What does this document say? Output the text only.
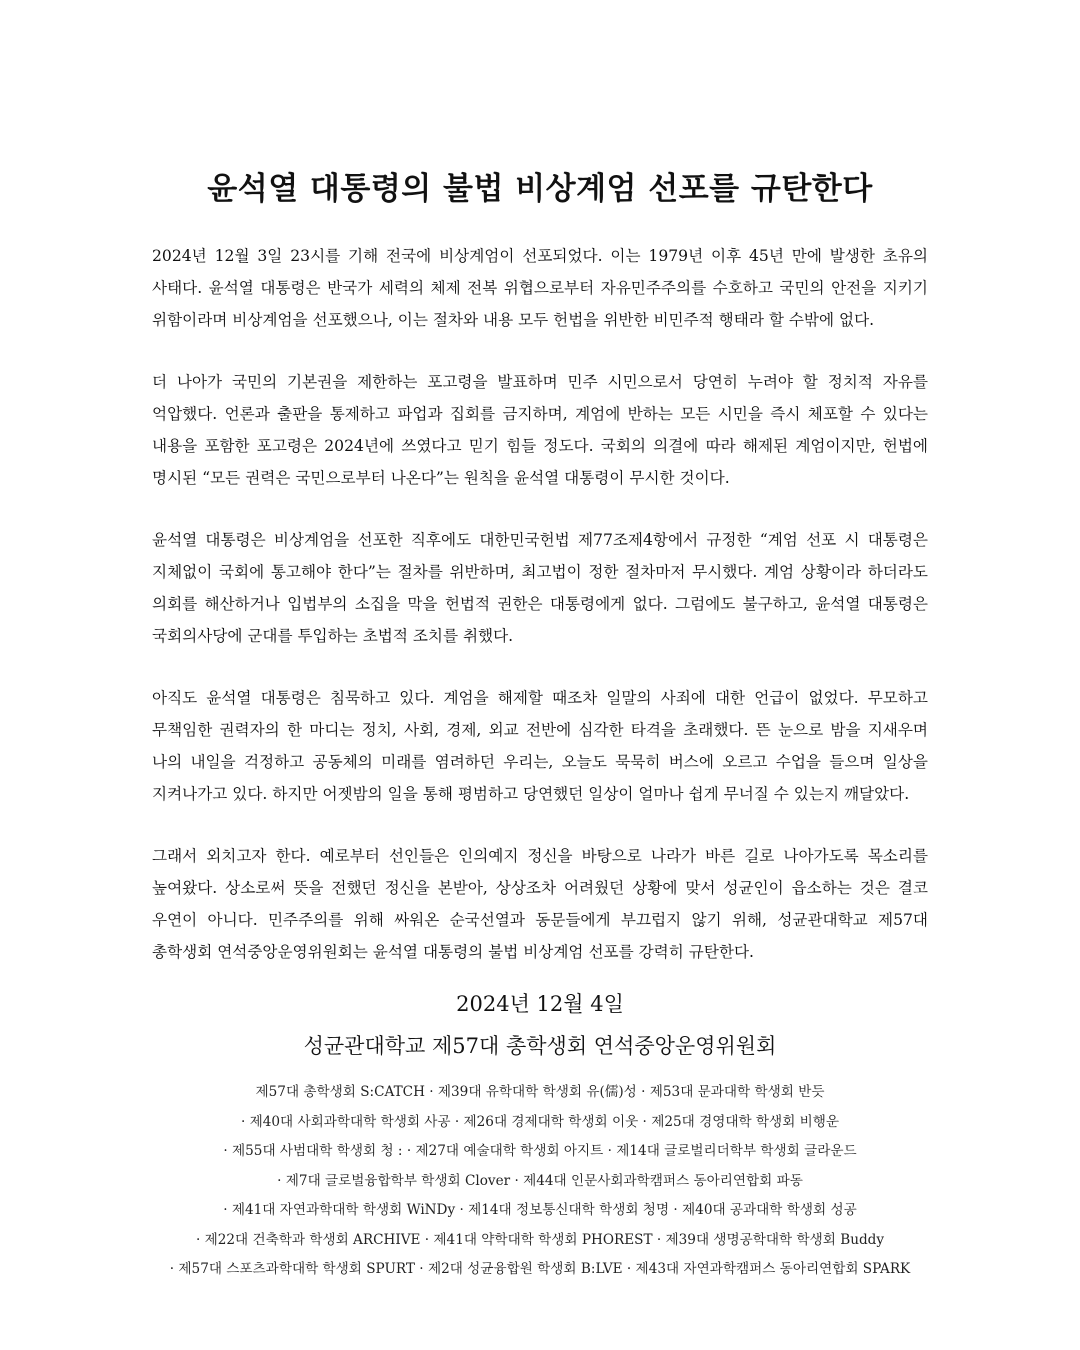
윤석열 대통령의 불법 비상계엄 선포를 규탄한다

2024년 12월 3일 23시를 기해 전국에 비상계엄이 선포되었다. 이는 1979년 이후 45년 만에 발생한 초유의 사태다. 윤석열 대통령은 반국가 세력의 체제 전복 위협으로부터 자유민주주의를 수호하고 국민의 안전을 지키기 위함이라며 비상계엄을 선포했으나, 이는 절차와 내용 모두 헌법을 위반한 비민주적 행태라 할 수밖에 없다.

더 나아가 국민의 기본권을 제한하는 포고령을 발표하며 민주 시민으로서 당연히 누려야 할 정치적 자유를 억압했다. 언론과 출판을 통제하고 파업과 집회를 금지하며, 계엄에 반하는 모든 시민을 즉시 체포할 수 있다는 내용을 포함한 포고령은 2024년에 쓰였다고 믿기 힘들 정도다. 국회의 의결에 따라 해제된 계엄이지만, 헌법에 명시된 “모든 권력은 국민으로부터 나온다”는 원칙을 윤석열 대통령이 무시한 것이다.

윤석열 대통령은 비상계엄을 선포한 직후에도 대한민국헌법 제77조제4항에서 규정한 “계엄 선포 시 대통령은 지체없이 국회에 통고해야 한다”는 절차를 위반하며, 최고법이 정한 절차마저 무시했다. 계엄 상황이라 하더라도 의회를 해산하거나 입법부의 소집을 막을 헌법적 권한은 대통령에게 없다. 그럼에도 불구하고, 윤석열 대통령은 국회의사당에 군대를 투입하는 초법적 조치를 취했다.

아직도 윤석열 대통령은 침묵하고 있다. 계엄을 해제할 때조차 일말의 사죄에 대한 언급이 없었다. 무모하고 무책임한 권력자의 한 마디는 정치, 사회, 경제, 외교 전반에 심각한 타격을 초래했다. 뜬 눈으로 밤을 지새우며 나의 내일을 걱정하고 공동체의 미래를 염려하던 우리는, 오늘도 묵묵히 버스에 오르고 수업을 들으며 일상을 지켜나가고 있다. 하지만 어젯밤의 일을 통해 평범하고 당연했던 일상이 얼마나 쉽게 무너질 수 있는지 깨달았다.

그래서 외치고자 한다. 예로부터 선인들은 인의예지 정신을 바탕으로 나라가 바른 길로 나아가도록 목소리를 높여왔다. 상소로써 뜻을 전했던 정신을 본받아, 상상조차 어려웠던 상황에 맞서 성균인이 읍소하는 것은 결코 우연이 아니다. 민주주의를 위해 싸워온 순국선열과 동문들에게 부끄럽지 않기 위해, 성균관대학교 제57대 총학생회 연석중앙운영위원회는 윤석열 대통령의 불법 비상계엄 선포를 강력히 규탄한다.

2024년 12월 4일

성균관대학교 제57대 총학생회 연석중앙운영위원회

제57대 총학생회 S:CATCH · 제39대 유학대학 학생회 유(儒)성 · 제53대 문과대학 학생회 반듯
· 제40대 사회과학대학 학생회 사공 · 제26대 경제대학 학생회 이웃 · 제25대 경영대학 학생회 비행운
· 제55대 사범대학 학생회 청 : · 제27대 예술대학 학생회 아지트 · 제14대 글로벌리더학부 학생회 글라운드
· 제7대 글로벌융합학부 학생회 Clover · 제44대 인문사회과학캠퍼스 동아리연합회 파동
· 제41대 자연과학대학 학생회 WiNDy · 제14대 정보통신대학 학생회 청명 · 제40대 공과대학 학생회 성공
· 제22대 건축학과 학생회 ARCHIVE · 제41대 약학대학 학생회 PHOREST · 제39대 생명공학대학 학생회 Buddy
· 제57대 스포츠과학대학 학생회 SPURT · 제2대 성균융합원 학생회 B:LVE · 제43대 자연과학캠퍼스 동아리연합회 SPARK
